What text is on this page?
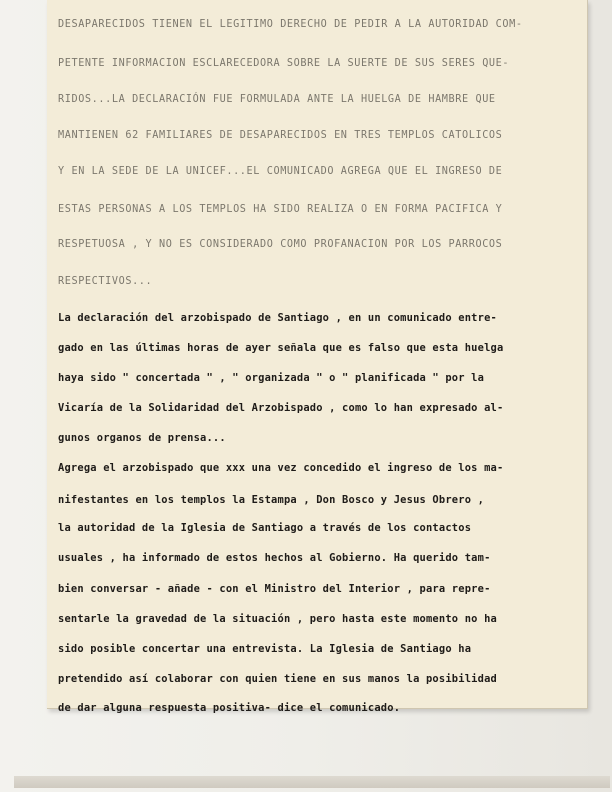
DESAPARECIDOS TIENEN EL LEGITIMO DERECHO DE PEDIR A LA AUTORIDAD COM-
PETENTE INFORMACION ESCLARECEDORA SOBRE LA SUERTE DE SUS SERES QUE-
RIDOS...LA DECLARACIÓN FUE FORMULADA ANTE LA HUELGA DE HAMBRE QUE
MANTIENEN 62 FAMILIARES DE DESAPARECIDOS EN TRES TEMPLOS CATOLICOS
Y EN LA SEDE DE LA UNICEF...EL COMUNICADO AGREGA QUE EL INGRESO DE
ESTAS PERSONAS A LOS TEMPLOS HA SIDO REALIZA O EN FORMA PACIFICA Y
RESPETUOSA , Y NO ES CONSIDERADO COMO PROFANACION POR LOS PARROCOS
RESPECTIVOS...
La declaración del arzobispado de Santiago , en un comunicado entre-
gado en las últimas horas de ayer señala que es falso que esta huelga
haya sido " concertada " , " organizada " o " planificada " por la
Vicaría de la Solidaridad del Arzobispado , como lo han expresado al-
gunos organos de prensa...
Agrega el arzobispado que xxx una vez concedido el ingreso de los ma-
nifestantes en los templos la Estampa , Don Bosco y Jesus Obrero ,
la autoridad de la Iglesia de Santiago a través de los contactos
usuales , ha informado de estos hechos al Gobierno. Ha querido tam-
bien conversar - añade - con el Ministro del Interior , para repre-
sentarle la gravedad de la situación , pero hasta este momento no ha
sido posible concertar una entrevista. La Iglesia de Santiago ha
pretendido así colaborar con quien tiene en sus manos la posibilidad
de dar alguna respuesta positiva- dice el comunicado.
